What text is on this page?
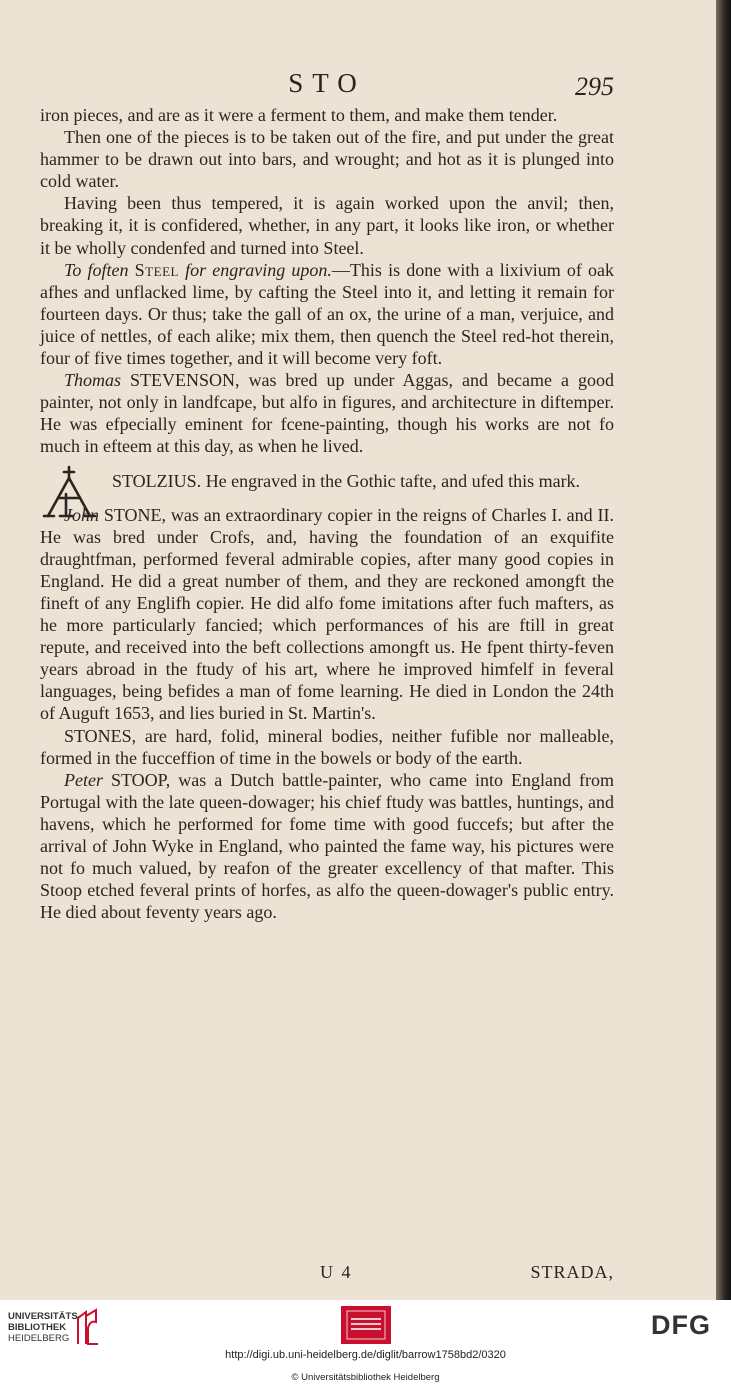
STO	295

iron pieces, and are as it were a ferment to them, and make them tender.

Then one of the pieces is to be taken out of the fire, and put under the great hammer to be drawn out into bars, and wrought; and hot as it is plunged into cold water.

Having been thus tempered, it is again worked upon the anvil; then, breaking it, it is confidered, whether, in any part, it looks like iron, or whether it be wholly condenfed and turned into Steel.

To foften Steel for engraving upon.—This is done with a lixivium of oak afhes and unflacked lime, by cafting the Steel into it, and letting it remain for fourteen days. Or thus; take the gall of an ox, the urine of a man, verjuice, and juice of nettles, of each alike; mix them, then quench the Steel red-hot therein, four of five times together, and it will become very foft.

Thomas STEVENSON, was bred up under Aggas, and became a good painter, not only in landfcape, but alfo in figures, and architecture in diftemper. He was efpecially eminent for fcene-painting, though his works are not fo much in efteem at this day, as when he lived.

STOLZIUS. He engraved in the Gothic tafte, and ufed this mark.

John STONE, was an extraordinary copier in the reigns of Charles I. and II. He was bred under Crofs, and, having the foundation of an exquifite draughtfman, performed feveral admirable copies, after many good copies in England. He did a great number of them, and they are reckoned amongft the fineft of any Englifh copier. He did alfo fome imitations after fuch mafters, as he more particularly fancied; which performances of his are ftill in great repute, and received into the beft collections amongft us. He fpent thirty-feven years abroad in the ftudy of his art, where he improved himfelf in feveral languages, being befides a man of fome learning. He died in London the 24th of Auguft 1653, and lies buried in St. Martin's.

STONES, are hard, folid, mineral bodies, neither fufible nor malleable, formed in the fucceffion of time in the bowels or body of the earth.

Peter STOOP, was a Dutch battle-painter, who came into England from Portugal with the late queen-dowager; his chief ftudy was battles, huntings, and havens, which he performed for fome time with good fuccefs; but after the arrival of John Wyke in England, who painted the fame way, his pictures were not fo much valued, by reafon of the greater excellency of that mafter. This Stoop etched feveral prints of horfes, as alfo the queen-dowager's public entry. He died about feventy years ago.

U 4	STRADA,
UNIVERSITÄTS-
BIBLIOTHEK
HEIDELBERG	DFG
http://digi.ub.uni-heidelberg.de/diglit/barrow1758bd2/0320
© Universitätsbibliothek Heidelberg
